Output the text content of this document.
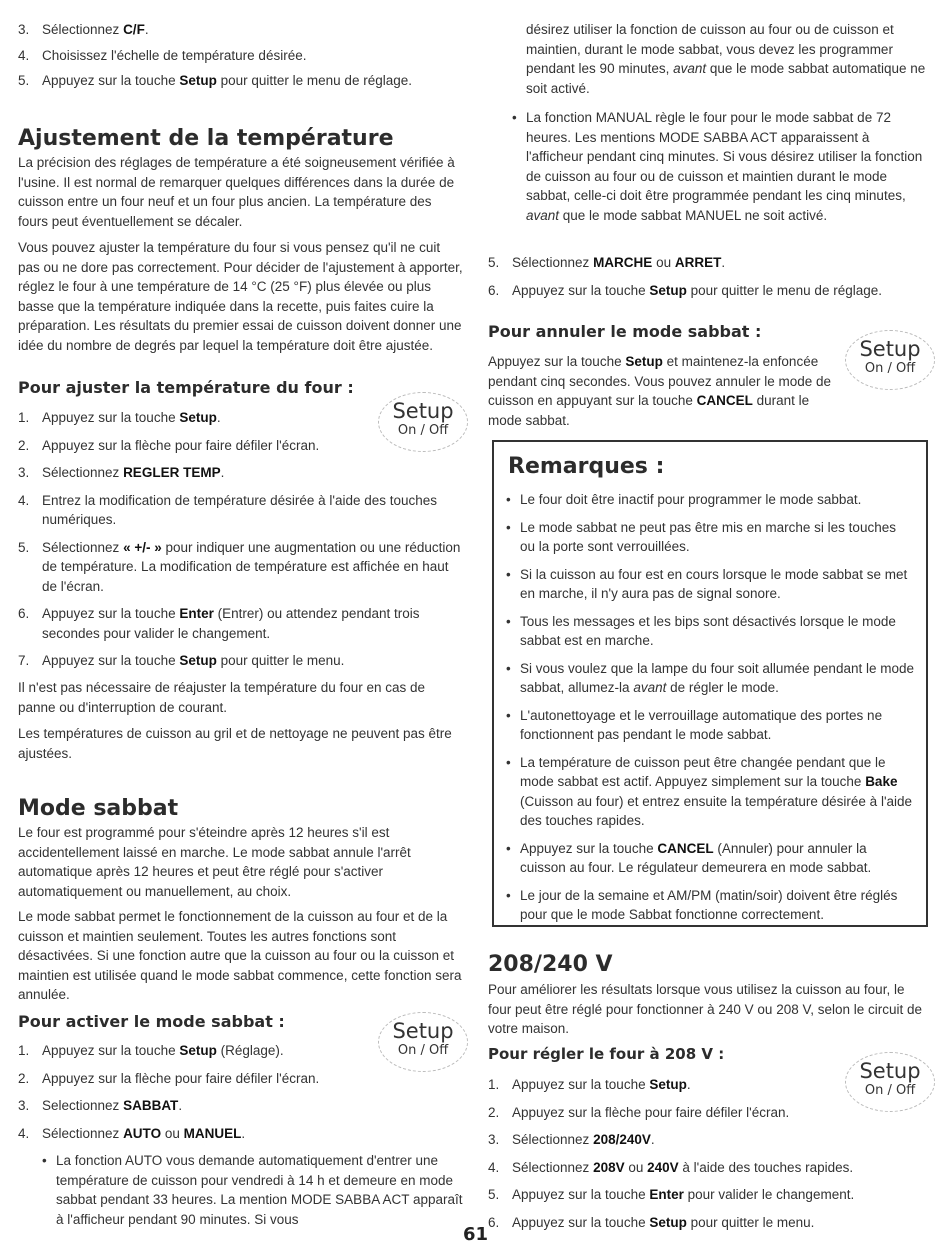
3. Sélectionnez C/F.
4. Choisissez l'échelle de température désirée.
5. Appuyez sur la touche Setup pour quitter le menu de réglage.
Ajustement de la température

La précision des réglages de température a été soigneusement vérifiée à l'usine. Il est normal de remarquer quelques différences dans la durée de cuisson entre un four neuf et un four plus ancien. La température des fours peut éventuellement se décaler.

Vous pouvez ajuster la température du four si vous pensez qu'il ne cuit pas ou ne dore pas correctement. Pour décider de l'ajustement à apporter, réglez le four à une température de 14 °C (25 °F) plus élevée ou plus basse que la température indiquée dans la recette, puis faites cuire la préparation. Les résultats du premier essai de cuisson doivent donner une idée du nombre de degrés par lequel la température doit être ajustée.

Pour ajuster la température du four :
1. Appuyez sur la touche Setup.
2. Appuyez sur la flèche pour faire défiler l'écran.
3. Sélectionnez REGLER TEMP.
4. Entrez la modification de température désirée à l'aide des touches numériques.
5. Sélectionnez « +/- » pour indiquer une augmentation ou une réduction de température. La modification de température est affichée en haut de l'écran.
6. Appuyez sur la touche Enter (Entrer) ou attendez pendant trois secondes pour valider le changement.
7. Appuyez sur la touche Setup pour quitter le menu.

Il n'est pas nécessaire de réajuster la température du four en cas de panne ou d'interruption de courant.

Les températures de cuisson au gril et de nettoyage ne peuvent pas être ajustées.

Mode sabbat

Le four est programmé pour s'éteindre après 12 heures s'il est accidentellement laissé en marche. Le mode sabbat annule l'arrêt automatique après 12 heures et peut être réglé pour s'activer automatiquement ou manuellement, au choix.

Le mode sabbat permet le fonctionnement de la cuisson au four et de la cuisson et maintien seulement. Toutes les autres fonctions sont désactivées. Si une fonction autre que la cuisson au four ou la cuisson et maintien est utilisée quand le mode sabbat commence, cette fonction sera annulée.

Pour activer le mode sabbat :
1. Appuyez sur la touche Setup (Réglage).
2. Appuyez sur la flèche pour faire défiler l'écran.
3. Selectionnez SABBAT.
4. Sélectionnez AUTO ou MANUEL.
• La fonction AUTO vous demande automatiquement d'entrer une température de cuisson pour vendredi à 14 h et demeure en mode sabbat pendant 33 heures. La mention MODE SABBA ACT apparaît à l'afficheur pendant 90 minutes. Si vous
Setup
On / Off
Setup
On / Off

désirez utiliser la fonction de cuisson au four ou de cuisson et maintien, durant le mode sabbat, vous devez les programmer pendant les 90 minutes, avant que le mode sabbat automatique ne soit activé.

• La fonction MANUAL règle le four pour le mode sabbat de 72 heures. Les mentions MODE SABBA ACT apparaissent à l'afficheur pendant cinq minutes. Si vous désirez utiliser la fonction de cuisson au four ou de cuisson et maintien durant le mode sabbat, celle-ci doit être programmée pendant les cinq minutes, avant que le mode sabbat MANUEL ne soit activé.
5. Sélectionnez MARCHE ou ARRET.
6. Appuyez sur la touche Setup pour quitter le menu de réglage.
Pour annuler le mode sabbat :

Appuyez sur la touche Setup et maintenez-la enfoncée pendant cinq secondes. Vous pouvez annuler le mode de cuisson en appuyant sur la touche CANCEL durant le mode sabbat.

208/240 V

Pour améliorer les résultats lorsque vous utilisez la cuisson au four, le four peut être réglé pour fonctionner à 240 V ou 208 V, selon le circuit de votre maison.

Pour régler le four à 208 V :
1. Appuyez sur la touche Setup.
2. Appuyez sur la flèche pour faire défiler l'écran.
3. Sélectionnez 208/240V.
4. Sélectionnez 208V ou 240V à l'aide des touches rapides.
5. Appuyez sur la touche Enter pour valider le changement.
6. Appuyez sur la touche Setup pour quitter le menu.
Setup
On / Off
Setup
On / Off
Remarques :
• Le four doit être inactif pour programmer le mode sabbat.
• Le mode sabbat ne peut pas être mis en marche si les touches ou la porte sont verrouillées.
• Si la cuisson au four est en cours lorsque le mode sabbat se met en marche, il n'y aura pas de signal sonore.
• Tous les messages et les bips sont désactivés lorsque le mode sabbat est en marche.
• Si vous voulez que la lampe du four soit allumée pendant le mode sabbat, allumez-la avant de régler le mode.
• L'autonettoyage et le verrouillage automatique des portes ne fonctionnent pas pendant le mode sabbat.
• La température de cuisson peut être changée pendant que le mode sabbat est actif. Appuyez simplement sur la touche Bake (Cuisson au four) et entrez ensuite la température désirée à l'aide des touches rapides.
• Appuyez sur la touche CANCEL (Annuler) pour annuler la cuisson au four. Le régulateur demeurera en mode sabbat.
• Le jour de la semaine et AM/PM (matin/soir) doivent être réglés pour que le mode Sabbat fonctionne correctement.
61
